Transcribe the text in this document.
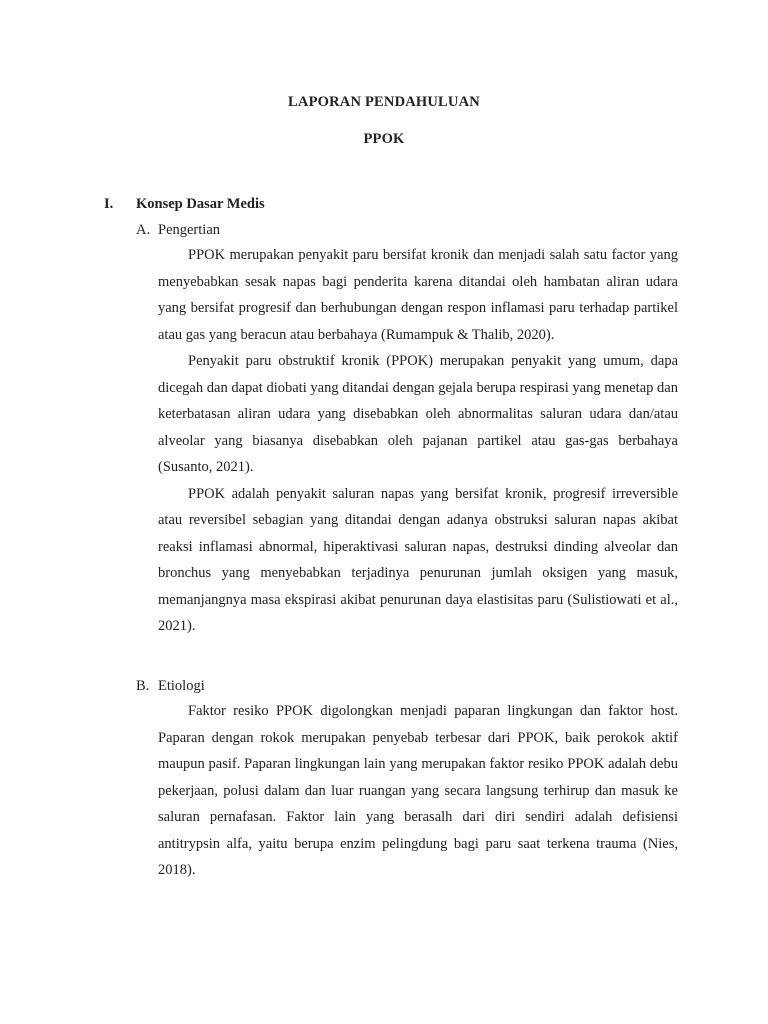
LAPORAN PENDAHULUAN

PPOK

I. Konsep Dasar Medis
A. Pengertian

PPOK merupakan penyakit paru bersifat kronik dan menjadi salah satu factor yang menyebabkan sesak napas bagi penderita karena ditandai oleh hambatan aliran udara yang bersifat progresif dan berhubungan dengan respon inflamasi paru terhadap partikel atau gas yang beracun atau berbahaya (Rumampuk & Thalib, 2020).

Penyakit paru obstruktif kronik (PPOK) merupakan penyakit yang umum, dapa dicegah dan dapat diobati yang ditandai dengan gejala berupa respirasi yang menetap dan keterbatasan aliran udara yang disebabkan oleh abnormalitas saluran udara dan/atau alveolar yang biasanya disebabkan oleh pajanan partikel atau gas-gas berbahaya (Susanto, 2021).

PPOK adalah penyakit saluran napas yang bersifat kronik, progresif irreversible atau reversibel sebagian yang ditandai dengan adanya obstruksi saluran napas akibat reaksi inflamasi abnormal, hiperaktivasi saluran napas, destruksi dinding alveolar dan bronchus yang menyebabkan terjadinya penurunan jumlah oksigen yang masuk, memanjangnya masa ekspirasi akibat penurunan daya elastisitas paru (Sulistiowati et al., 2021).

B. Etiologi

Faktor resiko PPOK digolongkan menjadi paparan lingkungan dan faktor host. Paparan dengan rokok merupakan penyebab terbesar dari PPOK, baik perokok aktif maupun pasif. Paparan lingkungan lain yang merupakan faktor resiko PPOK adalah debu pekerjaan, polusi dalam dan luar ruangan yang secara langsung terhirup dan masuk ke saluran pernafasan. Faktor lain yang berasalh dari diri sendiri adalah defisiensi antitrypsin alfa, yaitu berupa enzim pelingdung bagi paru saat terkena trauma (Nies, 2018).
